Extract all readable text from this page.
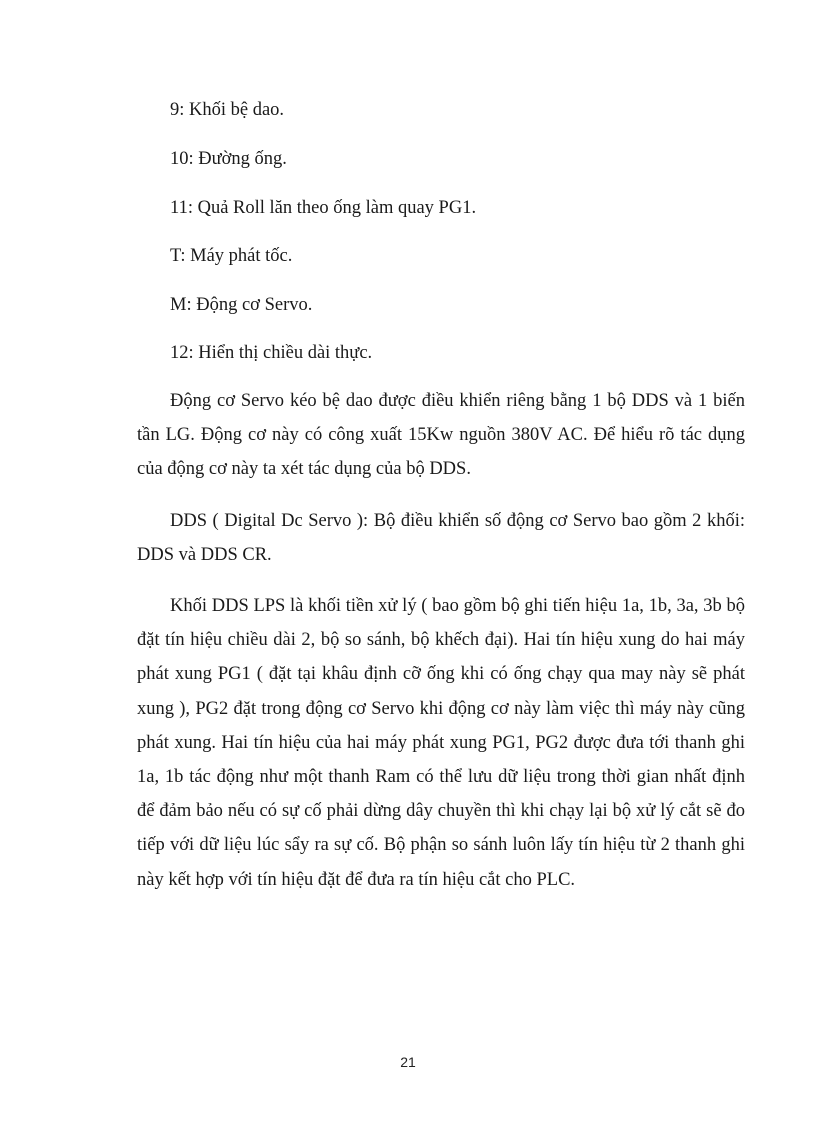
9: Khối bệ dao.

10: Đường ống.

11: Quả Roll lăn theo ống làm quay PG1.

T: Máy phát tốc.

M: Động cơ Servo.

12: Hiển thị chiều dài thực.

Động cơ Servo kéo bệ dao được điều khiển riêng bằng 1 bộ DDS và 1 biến tần LG. Động cơ này có công xuất 15Kw nguồn 380V AC. Để hiểu rõ tác dụng của động cơ này ta xét tác dụng của bộ DDS.

DDS ( Digital Dc Servo ): Bộ điều khiển số động cơ Servo bao gồm 2 khối: DDS và DDS CR.

Khối DDS LPS là khối tiền xử lý ( bao gồm bộ ghi tiến hiệu 1a, 1b, 3a, 3b bộ đặt tín hiệu chiều dài 2, bộ so sánh, bộ khếch đại). Hai tín hiệu xung do hai máy phát xung PG1 ( đặt tại khâu định cỡ ống khi có ống chạy qua may này sẽ phát xung ), PG2 đặt trong động cơ Servo khi động cơ này làm việc thì máy này cũng phát xung. Hai tín hiệu của hai máy phát xung PG1, PG2 được đưa tới thanh ghi 1a, 1b tác động như một thanh Ram có thể lưu dữ liệu trong thời gian nhất định để đảm bảo nếu có sự cố phải dừng dây chuyền thì khi chạy lại bộ xử lý cắt sẽ đo tiếp với dữ liệu lúc sẩy ra sự cố. Bộ phận so sánh luôn lấy tín hiệu từ 2 thanh ghi này kết hợp với tín hiệu đặt để đưa ra tín hiệu cắt cho PLC.

21
